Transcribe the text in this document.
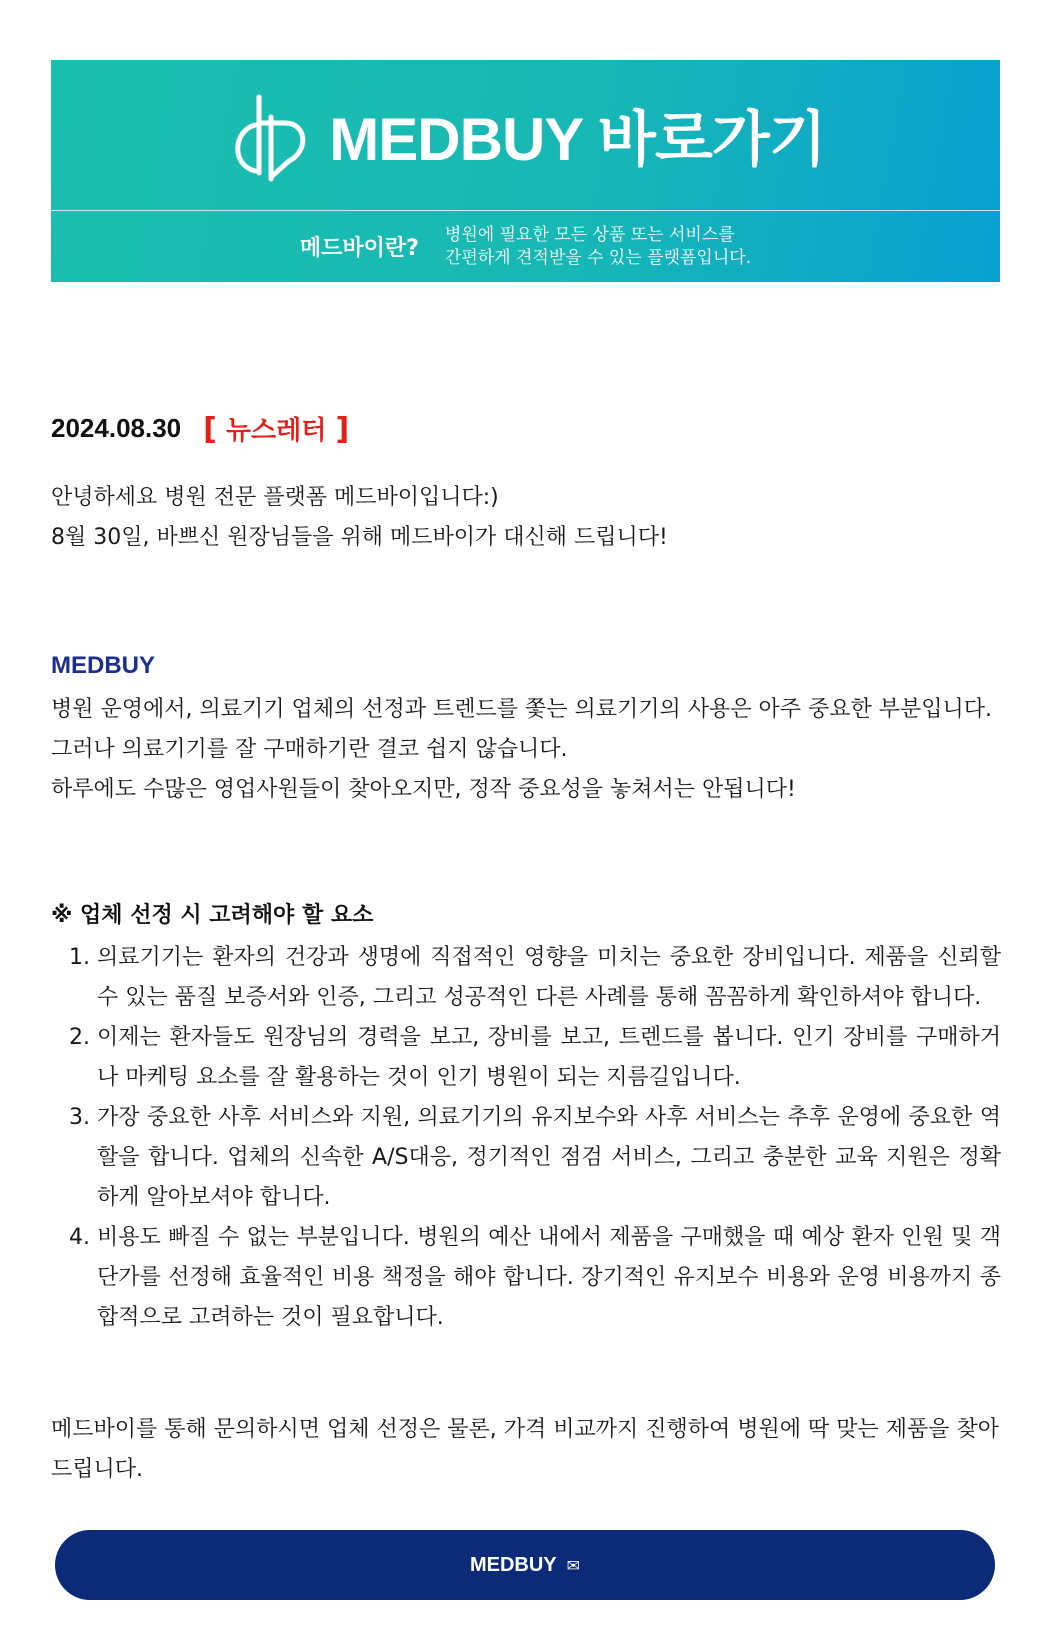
MEDBUY 바로가기
메드바이란?
병원에 필요한 모든 상품 또는 서비스를
간편하게 견적받을 수 있는 플랫폼입니다.
2024.08.30 [ 뉴스레터 ]
안녕하세요 병원 전문 플랫폼 메드바이입니다:)
8월 30일, 바쁘신 원장님들을 위해 메드바이가 대신해 드립니다!
MEDBUY
병원 운영에서, 의료기기 업체의 선정과 트렌드를 쫓는 의료기기의 사용은 아주 중요한 부분입니다.
그러나 의료기기를 잘 구매하기란 결코 쉽지 않습니다.
하루에도 수많은 영업사원들이 찾아오지만, 정작 중요성을 놓쳐서는 안됩니다!
※ 업체 선정 시 고려해야 할 요소
1. 의료기기는 환자의 건강과 생명에 직접적인 영향을 미치는 중요한 장비입니다. 제품을 신뢰할 수 있는 품질 보증서와 인증, 그리고 성공적인 다른 사례를 통해 꼼꼼하게 확인하셔야 합니다.
2. 이제는 환자들도 원장님의 경력을 보고, 장비를 보고, 트렌드를 봅니다. 인기 장비를 구매하거나 마케팅 요소를 잘 활용하는 것이 인기 병원이 되는 지름길입니다.
3. 가장 중요한 사후 서비스와 지원, 의료기기의 유지보수와 사후 서비스는 추후 운영에 중요한 역할을 합니다. 업체의 신속한 A/S대응, 정기적인 점검 서비스, 그리고 충분한 교육 지원은 정확하게 알아보셔야 합니다.
4. 비용도 빠질 수 없는 부분입니다. 병원의 예산 내에서 제품을 구매했을 때 예상 환자 인원 및 객단가를 선정해 효율적인 비용 책정을 해야 합니다. 장기적인 유지보수 비용와 운영 비용까지 종합적으로 고려하는 것이 필요합니다.
메드바이를 통해 문의하시면 업체 선정은 물론, 가격 비교까지 진행하여 병원에 딱 맞는 제품을 찾아드립니다.
MEDBUY ✉
